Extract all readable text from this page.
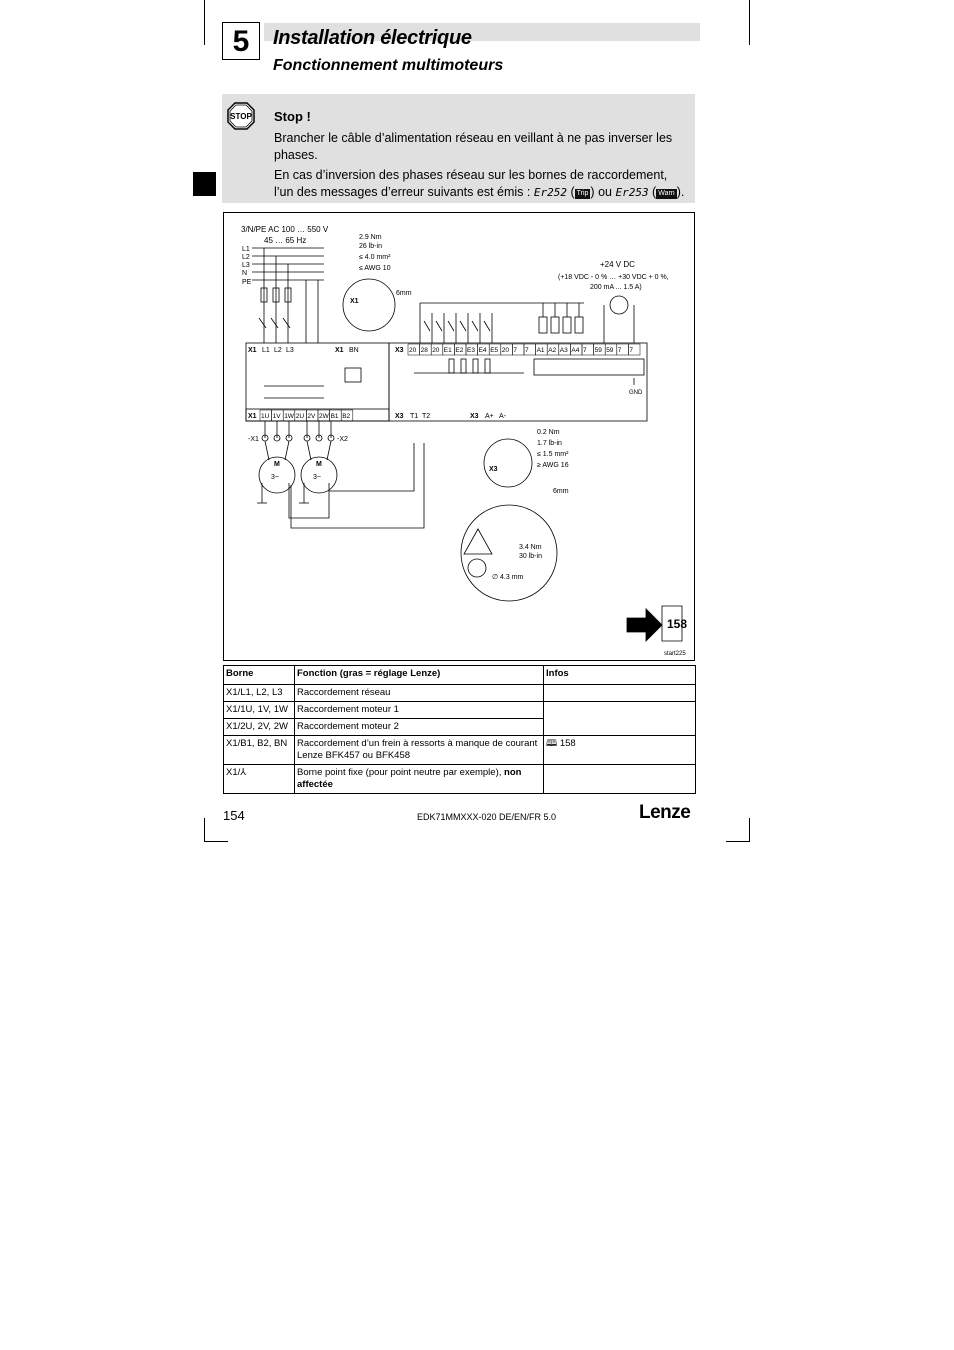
5	Installation électrique
Fonctionnement multimoteurs
STOP Stop !
Brancher le câble d’alimentation réseau en veillant à ne pas inverser les phases.
En cas d’inversion des phases réseau sur les bornes de raccordement, l’un des messages d’erreur suivants est émis : Er252 ( Trip ) ou Er253 ( Warn ).
3/N/PE AC 100 … 550 V
45 … 65 Hz
L1
L2
L3
N
PE
2.9 Nm
26 lb-in
≤ 4.0 mm²
≤ AWG 10
6mm
X1
+24 V DC
(+18 VDC - 0 % … +30 VDC + 0 %,
200 mA ... 1.5 A)
X1 L1 L2 L3	X1 BN	X3 20 28 20 E1 E2 E3 E4 E5 20 7 7 A1 A2 A3 A4 7 59 59 7 7
GND
X1 1U 1V 1W 2U 2V 2W B1 B2	X3 T1 T2	X3 A+ A-
-X1	-X2
M
3~
M
3~
0.2 Nm
1.7 lb-in
≤ 1.5 mm²
≥ AWG 16
6mm
X3
3.4 Nm
30 lb-in
∅ 4.3 mm
158
start225
Borne	Fonction (gras = réglage Lenze)	Infos
X1/L1, L2, L3	Raccordement réseau	
X1/1U, 1V, 1W	Raccordement moteur 1	
X1/2U, 2V, 2W	Raccordement moteur 2	
X1/B1, B2, BN	Raccordement d’un frein à ressorts à manque de courant Lenze BFK457 ou BFK458	🕮 158
X1/⅄	Borne point fixe (pour point neutre par exemple), non affectée	
154	EDK71MMXXX-020 DE/EN/FR 5.0	Lenze
